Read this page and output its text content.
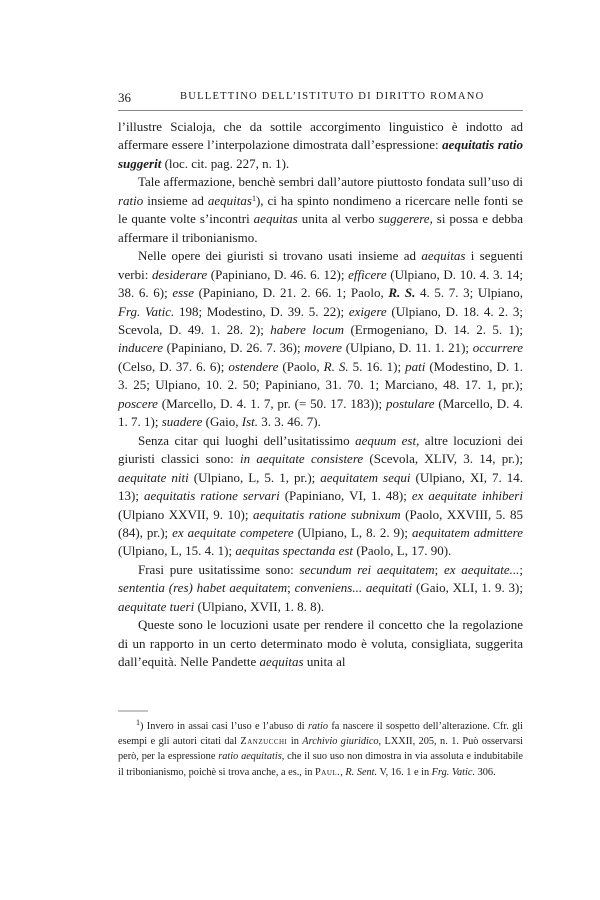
36	BULLETTINO DELL’ISTITUTO DI DIRITTO ROMANO

l’illustre Scialoja, che da sottile accorgimento linguistico è indotto ad affermare essere l’interpolazione dimostrata dall’espressione: aequitatis ratio suggerit (loc. cit. pag. 227, n. 1).

Tale affermazione, benchè sembri dall’autore piuttosto fondata sull’uso di ratio insieme ad aequitas$^1$), ci ha spinto nondimeno a ricercare nelle fonti se le quante volte s’incontri aequitas unita al verbo suggerere, si possa e debba affermare il tribonianismo.

Nelle opere dei giuristi si trovano usati insieme ad aequitas i seguenti verbi: desiderare (Papiniano, D. 46. 6. 12); efficere (Ulpiano, D. 10. 4. 3. 14; 38. 6. 6); esse (Papiniano, D. 21. 2. 66. 1; Paolo, R. S. 4. 5. 7. 3; Ulpiano, Frg. Vatic. 198; Modestino, D. 39. 5. 22); exigere (Ulpiano, D. 18. 4. 2. 3; Scevola, D. 49. 1. 28. 2); habere locum (Ermogeniano, D. 14. 2. 5. 1); inducere (Papiniano, D. 26. 7. 36); movere (Ulpiano, D. 11. 1. 21); occurrere (Celso, D. 37. 6. 6); ostendere (Paolo, R. S. 5. 16. 1); pati (Modestino, D. 1. 3. 25; Ulpiano, 10. 2. 50; Papiniano, 31. 70. 1; Marciano, 48. 17. 1, pr.); poscere (Marcello, D. 4. 1. 7, pr. (= 50. 17. 183)); postulare (Marcello, D. 4. 1. 7. 1); suadere (Gaio, Ist. 3. 3. 46. 7).

Senza citar qui luoghi dell’usitatissimo aequum est, altre locuzioni dei giuristi classici sono: in aequitate consistere (Scevola, XLIV, 3. 14, pr.); aequitate niti (Ulpiano, L, 5. 1, pr.); aequitatem sequi (Ulpiano, XI, 7. 14. 13); aequitatis ratione servari (Papiniano, VI, 1. 48); ex aequitate inhiberi (Ulpiano XXVII, 9. 10); aequitatis ratione subnixum (Paolo, XXVIII, 5. 85 (84), pr.); ex aequitate competere (Ulpiano, L, 8. 2. 9); aequitatem admittere (Ulpiano, L, 15. 4. 1); aequitas spectanda est (Paolo, L, 17. 90).

Frasi pure usitatissime sono: secundum rei aequitatem; ex aequitate...; sententia (res) habet aequitatem; conveniens... aequitati (Gaio, XLI, 1. 9. 3); aequitate tueri (Ulpiano, XVII, 1. 8. 8).

Queste sono le locuzioni usate per rendere il concetto che la regolazione di un rapporto in un certo determinato modo è voluta, consigliata, suggerita dall’equità. Nelle Pandette aequitas unita al

$^1$) Invero in assai casi l’uso e l’abuso di ratio fa nascere il sospetto dell’alterazione. Cfr. gli esempi e gli autori citati dal Zanzucchi in Archivio giuridico, LXXII, 205, n. 1. Può osservarsi però, per la espressione ratio aequitatis, che il suo uso non dimostra in via assoluta e indubitabile il tribonianismo, poichè si trova anche, a es., in Paul., R. Sent. V, 16. 1 e in Frg. Vatic. 306.
